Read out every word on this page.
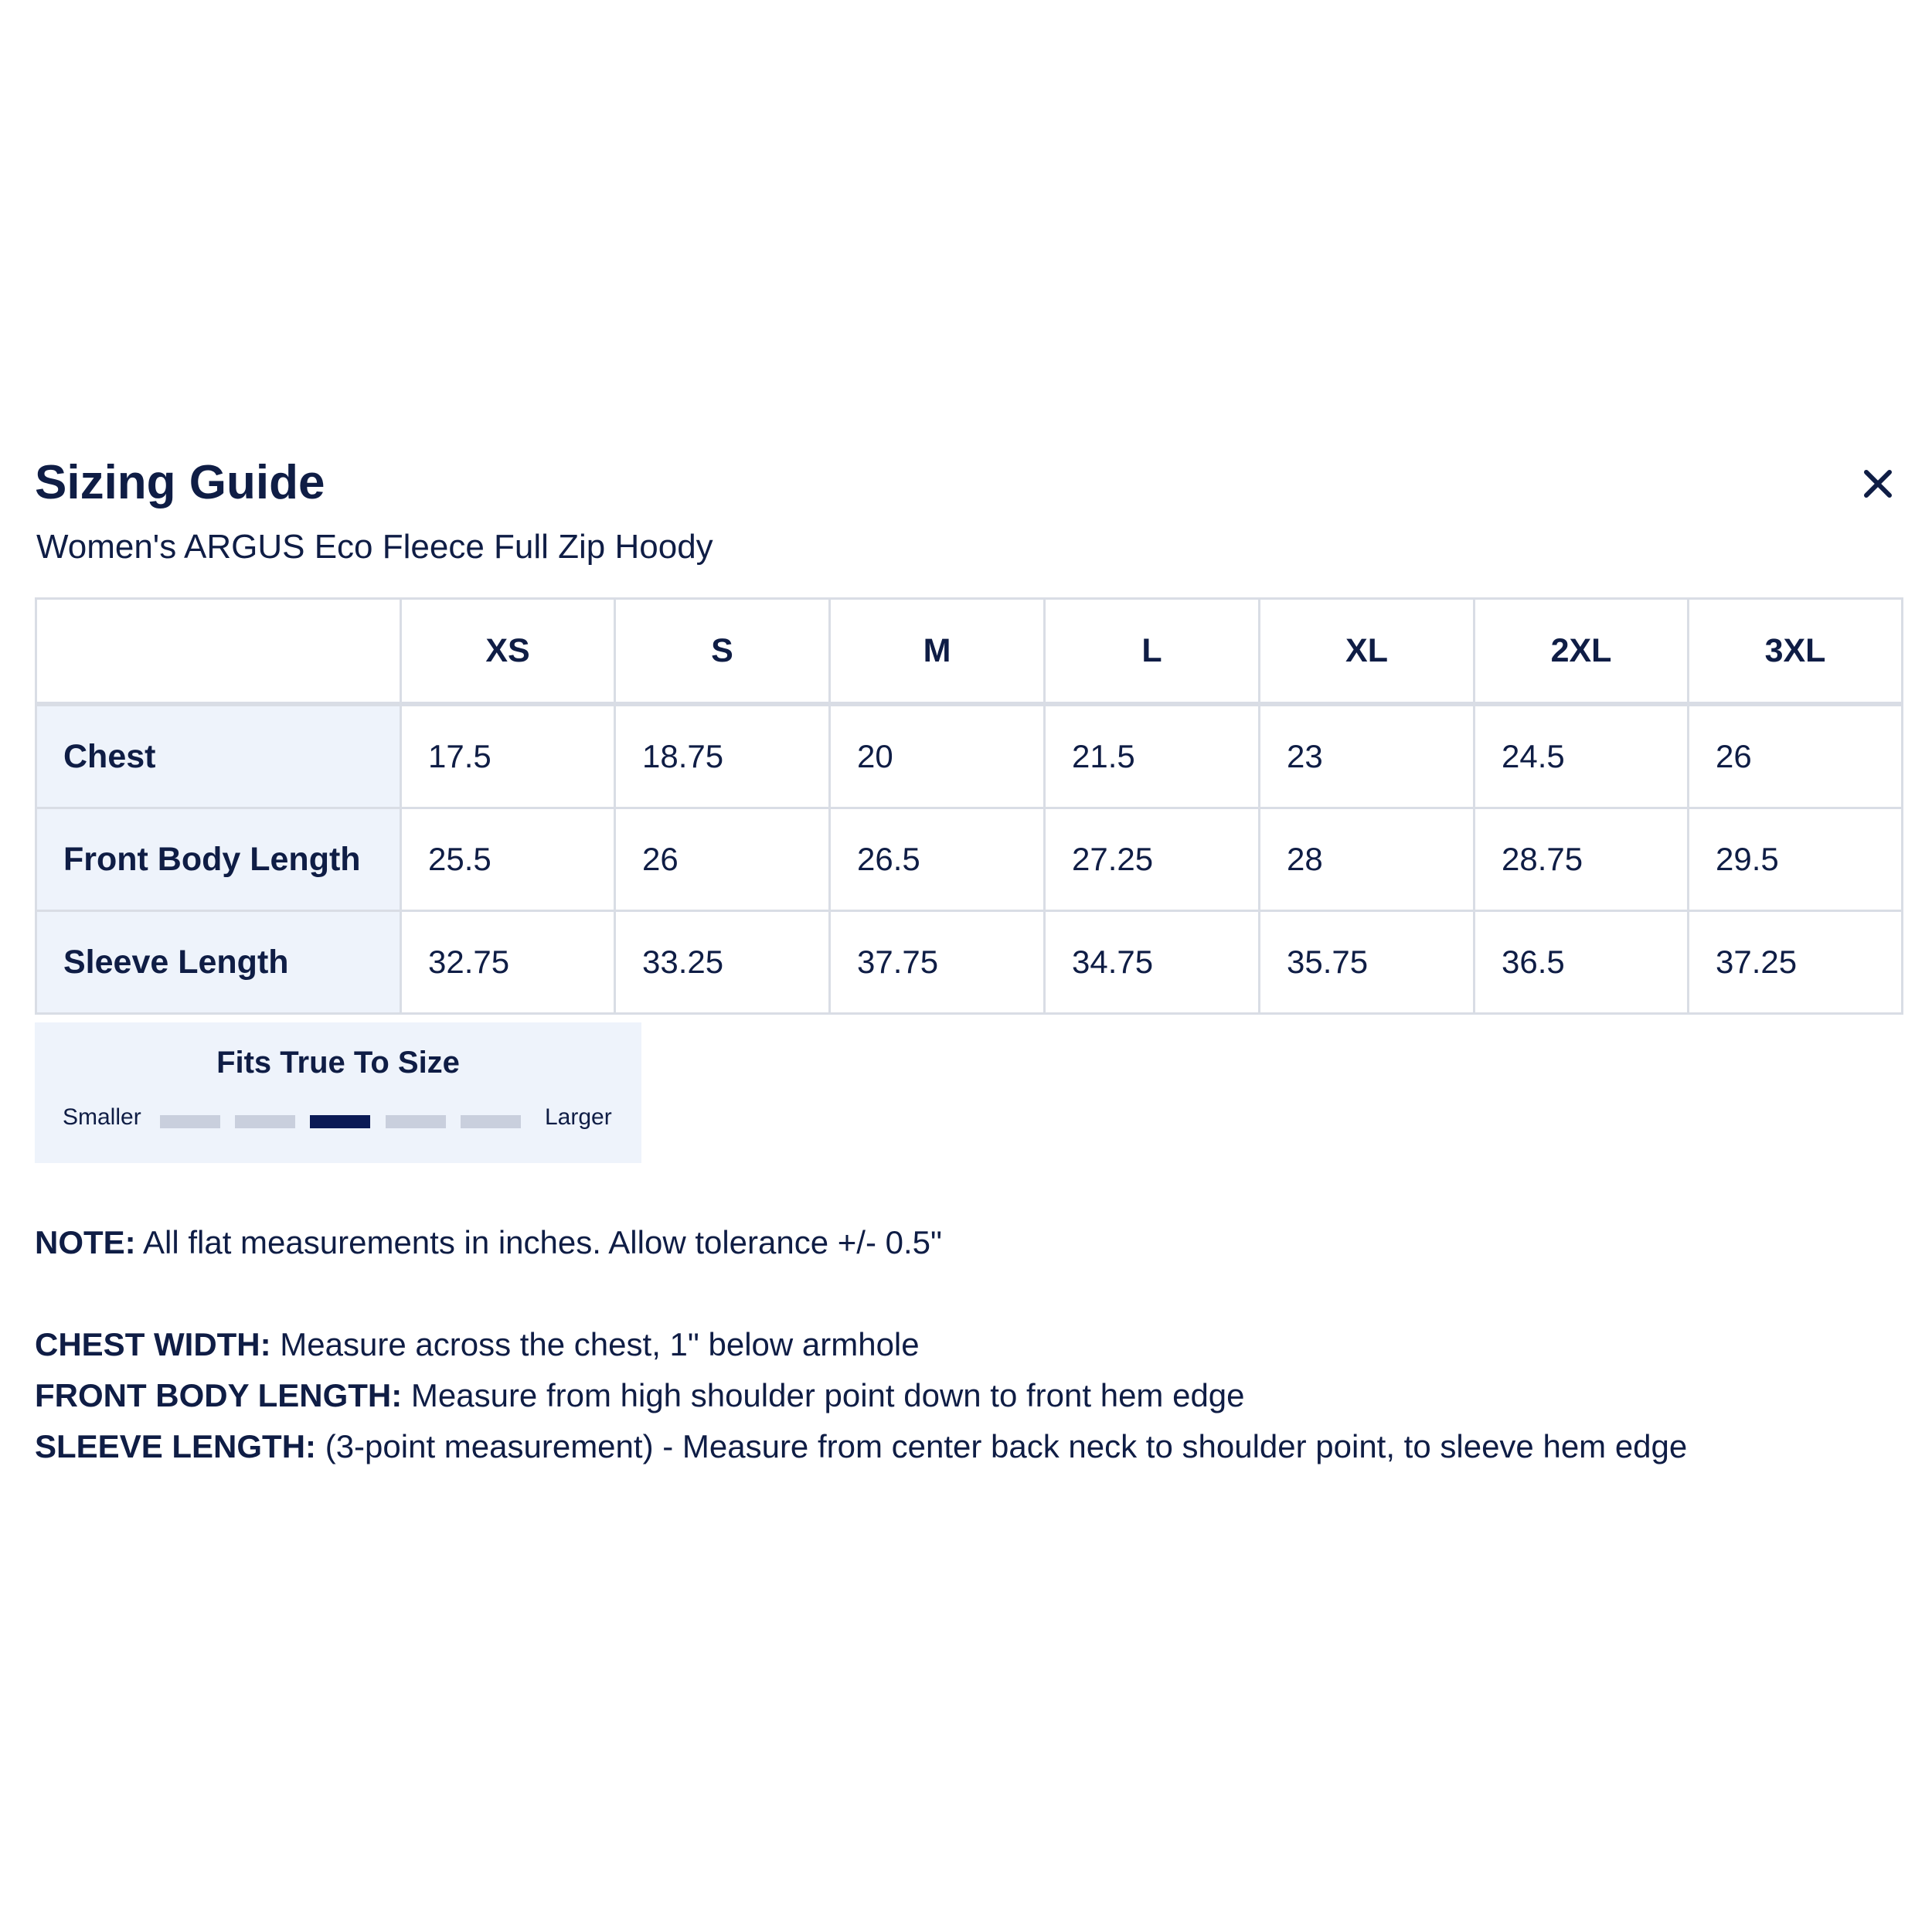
Sizing Guide
Women's ARGUS Eco Fleece Full Zip Hoody
	XS	S	M	L	XL	2XL	3XL
Chest	17.5	18.75	20	21.5	23	24.5	26
Front Body Length	25.5	26	26.5	27.25	28	28.75	29.5
Sleeve Length	32.75	33.25	37.75	34.75	35.75	36.5	37.25
Fits True To Size
Smaller	Larger
NOTE: All flat measurements in inches. Allow tolerance +/- 0.5"
CHEST WIDTH: Measure across the chest, 1" below armhole
FRONT BODY LENGTH: Measure from high shoulder point down to front hem edge
SLEEVE LENGTH: (3-point measurement) - Measure from center back neck to shoulder point, to sleeve hem edge
